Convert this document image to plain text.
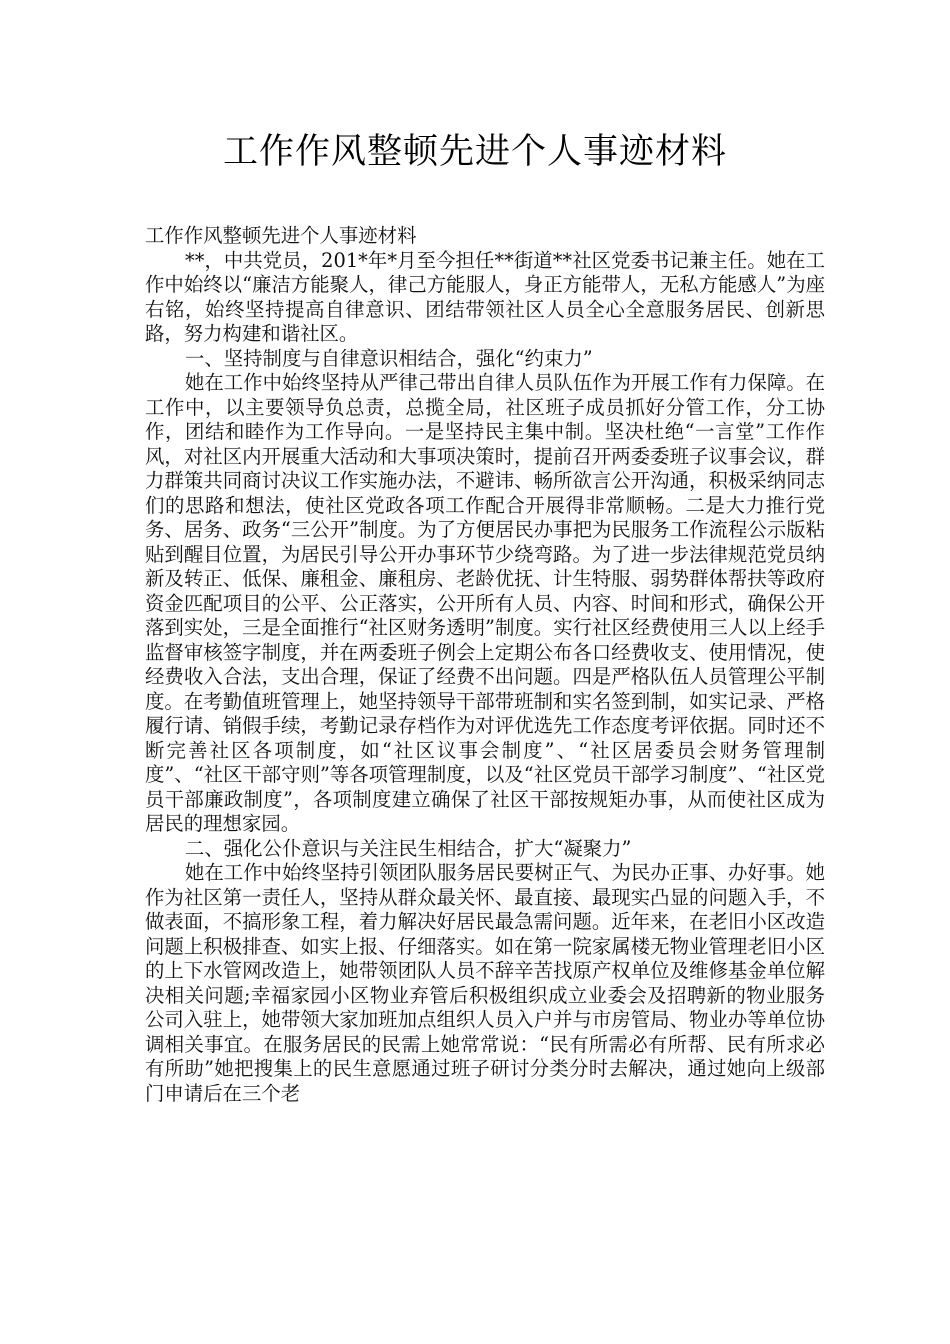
工作作风整顿先进个人事迹材料

工作作风整顿先进个人事迹材料

**，中共党员，201*年*月至今担任**街道**社区党委书记兼主任。她在工作中始终以“廉洁方能聚人，律己方能服人，身正方能带人，无私方能感人”为座右铭，始终坚持提高自律意识、团结带领社区人员全心全意服务居民、创新思路，努力构建和谐社区。

一、坚持制度与自律意识相结合，强化“约束力”

她在工作中始终坚持从严律己带出自律人员队伍作为开展工作有力保障。在工作中，以主要领导负总责，总揽全局，社区班子成员抓好分管工作，分工协作，团结和睦作为工作导向。一是坚持民主集中制。坚决杜绝“一言堂”工作作风，对社区内开展重大活动和大事项决策时，提前召开两委委班子议事会议，群力群策共同商讨决议工作实施办法，不避讳、畅所欲言公开沟通，积极采纳同志们的思路和想法，使社区党政各项工作配合开展得非常顺畅。二是大力推行党务、居务、政务“三公开”制度。为了方便居民办事把为民服务工作流程公示版粘贴到醒目位置，为居民引导公开办事环节少绕弯路。为了进一步法律规范党员纳新及转正、低保、廉租金、廉租房、老龄优抚、计生特服、弱势群体帮扶等政府资金匹配项目的公平、公正落实，公开所有人员、内容、时间和形式，确保公开落到实处，三是全面推行“社区财务透明”制度。实行社区经费使用三人以上经手监督审核签字制度，并在两委班子例会上定期公布各口经费收支、使用情况，使经费收入合法，支出合理，保证了经费不出问题。四是严格队伍人员管理公平制度。在考勤值班管理上，她坚持领导干部带班制和实名签到制，如实记录、严格履行请、销假手续，考勤记录存档作为对评优选先工作态度考评依据。同时还不断完善社区各项制度，如“社区议事会制度”、“社区居委员会财务管理制度”、“社区干部守则”等各项管理制度，以及“社区党员干部学习制度”、“社区党员干部廉政制度”，各项制度建立确保了社区干部按规矩办事，从而使社区成为居民的理想家园。

二、强化公仆意识与关注民生相结合，扩大“凝聚力”

她在工作中始终坚持引领团队服务居民要树正气、为民办正事、办好事。她作为社区第一责任人，坚持从群众最关怀、最直接、最现实凸显的问题入手，不做表面，不搞形象工程，着力解决好居民最急需问题。近年来，在老旧小区改造问题上积极排查、如实上报、仔细落实。如在第一院家属楼无物业管理老旧小区的上下水管网改造上，她带领团队人员不辞辛苦找原产权单位及维修基金单位解决相关问题;幸福家园小区物业弃管后积极组织成立业委会及招聘新的物业服务公司入驻上，她带领大家加班加点组织人员入户并与市房管局、物业办等单位协调相关事宜。在服务居民的民需上她常常说：“民有所需必有所帮、民有所求必有所助”她把搜集上的民生意愿通过班子研讨分类分时去解决，通过她向上级部门申请后在三个老
